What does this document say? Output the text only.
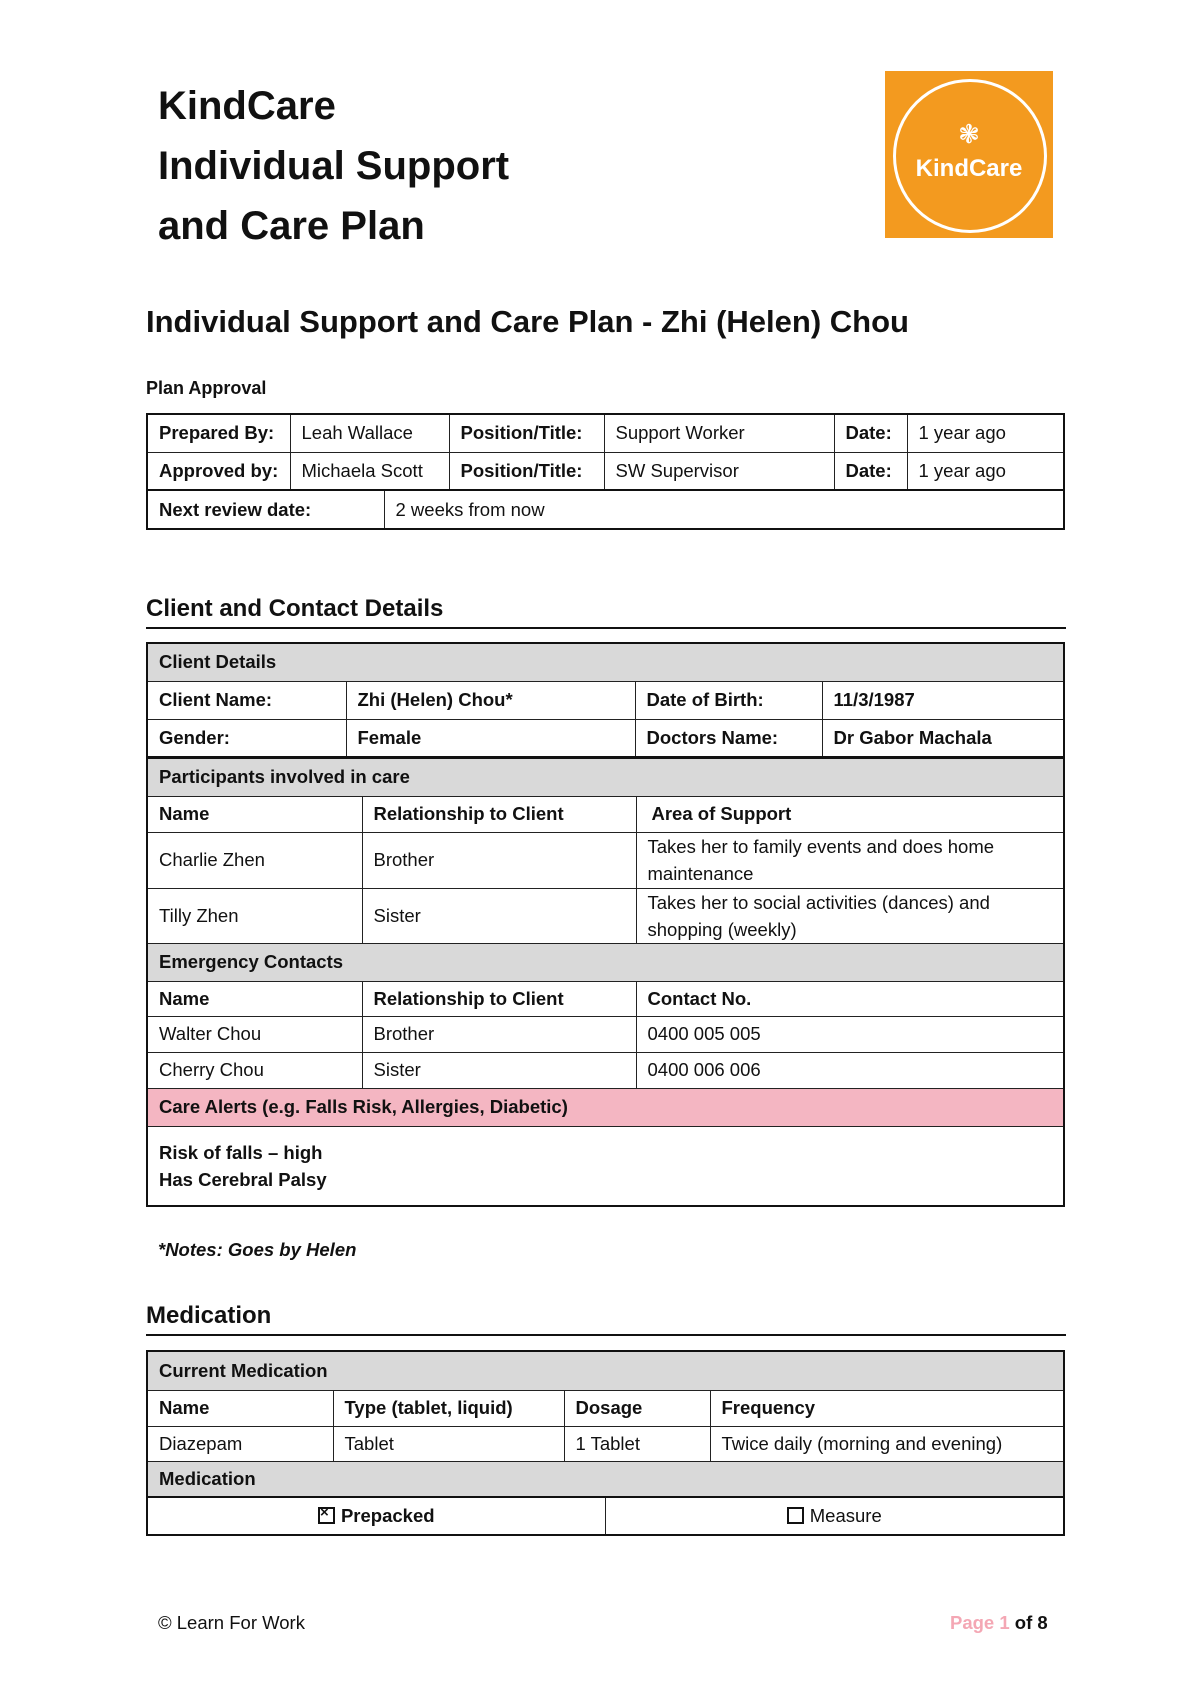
KindCare
Individual Support
and Care Plan
❃
KindCare
Individual Support and Care Plan - Zhi (Helen) Chou
Plan Approval
Prepared By:	Leah Wallace	Position/Title:	Support Worker	Date:	1 year ago
Approved by:	Michaela Scott	Position/Title:	SW Supervisor	Date:	1 year ago
Next review date:	2 weeks from now
Client and Contact Details
Client Details			
Client Name:	Zhi (Helen) Chou*	Date of Birth:	11/3/1987
Gender:	Female	Doctors Name:	Dr Gabor Machala
Participants involved in care		
Name	Relationship to Client	Area of Support
Charlie Zhen	Brother	Takes her to family events and does home maintenance
Tilly Zhen	Sister	Takes her to social activities (dances) and shopping (weekly)
Emergency Contacts		
Name	Relationship to Client	Contact No.
Walter Chou	Brother	0400 005 005
Cherry Chou	Sister	0400 006 006
Care Alerts (e.g. Falls Risk, Allergies, Diabetic)		

Risk of falls – high
Has Cerebral Palsy		
*Notes: Goes by Helen
Medication
Current Medication			
Name	Type (tablet, liquid)	Dosage	Frequency
Diazepam	Tablet	1 Tablet	Twice daily (morning and evening)
Medication			
×Prepacked	Measure
© Learn For Work	Page 1 of 8
